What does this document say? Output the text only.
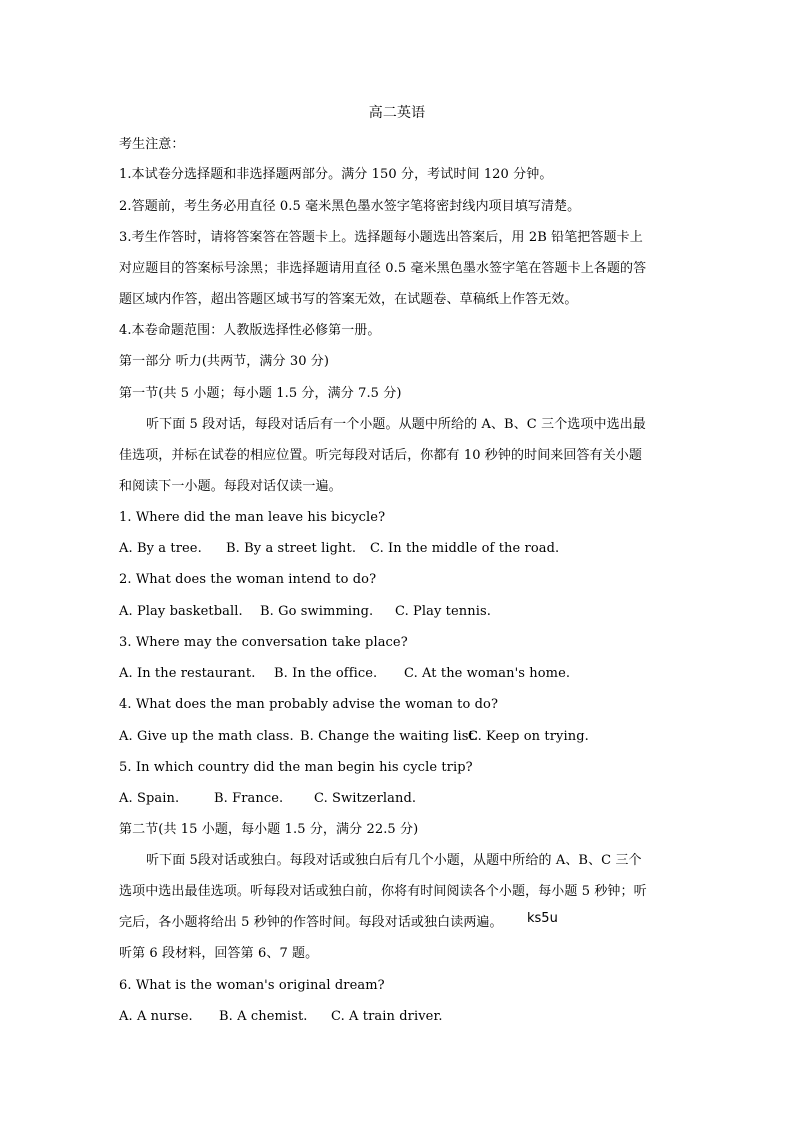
高二英语
考生注意：
1.本试卷分选择题和非选择题两部分。满分 150 分，考试时间 120 分钟。
2.答题前，考生务必用直径 0.5 毫米黑色墨水签字笔将密封线内项目填写清楚。
3.考生作答时，请将答案答在答题卡上。选择题每小题选出答案后，用 2B 铅笔把答题卡上
对应题目的答案标号涂黑；非选择题请用直径 0.5 毫米黑色墨水签字笔在答题卡上各题的答
题区域内作答，超出答题区域书写的答案无效，在试题卷、草稿纸上作答无效。
4.本卷命题范围：人教版选择性必修第一册。
第一部分 听力(共两节，满分 30 分)
第一节(共 5 小题；每小题 1.5 分，满分 7.5 分)
听下面 5 段对话，每段对话后有一个小题。从题中所给的 A、B、C 三个选项中选出最
佳选项，并标在试卷的相应位置。听完每段对话后，你都有 10 秒钟的时间来回答有关小题
和阅读下一小题。每段对话仅读一遍。
1. Where did the man leave his bicycle?
A. By a tree. B. By a street light. C. In the middle of the road.
2. What does the woman intend to do?
A. Play basketball. B. Go swimming. C. Play tennis.
3. Where may the conversation take place?
A. In the restaurant. B. In the office. C. At the woman's home.
4. What does the man probably advise the woman to do?
A. Give up the math class. B. Change the waiting list.C. Keep on trying.
5. In which country did the man begin his cycle trip?
A. Spain.	B. France. C. Switzerland.
第二节(共 15 小题，每小题 1.5 分，满分 22.5 分)
听下面 5段对话或独白。每段对话或独白后有几个小题，从题中所给的 A、B、C 三个
选项中选出最佳选项。听每段对话或独白前，你将有时间阅读各个小题，每小题 5 秒钟；听
完后，各小题将给出 5 秒钟的作答时间。每段对话或独白读两遍。 ks5u
听第 6 段材料，回答第 6、7 题。
6. What is the woman's original dream?
A. A nurse. B. A chemist. C. A train driver.
